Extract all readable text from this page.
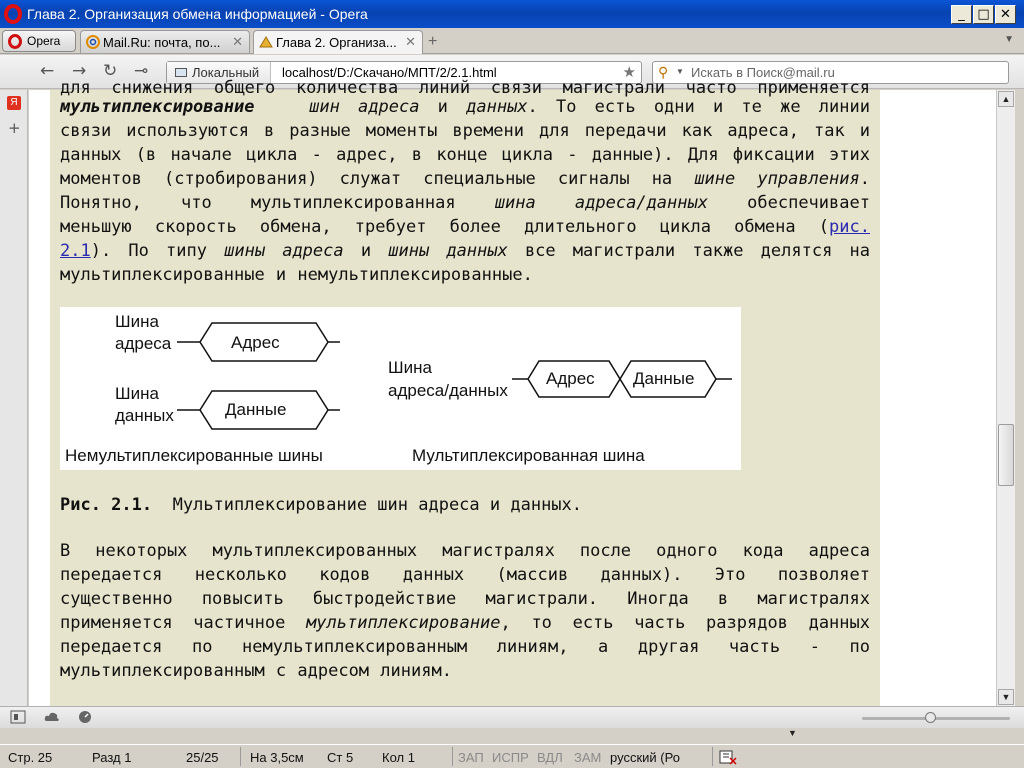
Глава 2. Организация обмена информацией - Opera	_ □ ✕
Opera	Mail.Ru: почта, по... ✕	Глава 2. Организа... ✕ +	▼
← → ↻ ⊸	Локальный localhost/D:/Скачано/МПТ/2/2.1.html	★ ⚲ ▼ Искать в Поиск@mail.ru
Я
+
для снижения общего количества линий связи магистрали часто применяется
мультиплексирование	шин адреса и данных. То есть одни и те же линии
связи используются в разные моменты времени для передачи как адреса, так и
данных (в начале цикла - адрес, в конце цикла - данные). Для фиксации этих
моментов (стробирования) служат специальные сигналы на шине управления.
Понятно, что мультиплексированная шина адреса/данных обеспечивает
меньшую скорость обмена, требует более длительного цикла обмена (рис.
2.1). По типу шины адреса и шины данных все магистрали также делятся на
мультиплексированные и немультиплексированные.
Шина
адреса	Адрес
Шина
данных	Данные
Немультиплексированные шины
Шина
адреса/данных
Адрес Данные
Мультиплексированная шина
Рис. 2.1. Мультиплексирование шин адреса и данных.
В некоторых мультиплексированных магистралях после одного кода адреса
передается несколько кодов данных (массив данных). Это позволяет
существенно повысить быстродействие магистрали. Иногда в магистралях
применяется частичное мультиплексирование, то есть часть разрядов данных
передается по немультиплексированным линиям, а другая часть - по
мультиплексированным с адресом линиям.
▲
▼
▼
Стр. 25	Разд 1	25/25 На 3,5см Ст 5 Кол 1	ЗАП ИСПР ВДЛ ЗАМ русский (Ро
